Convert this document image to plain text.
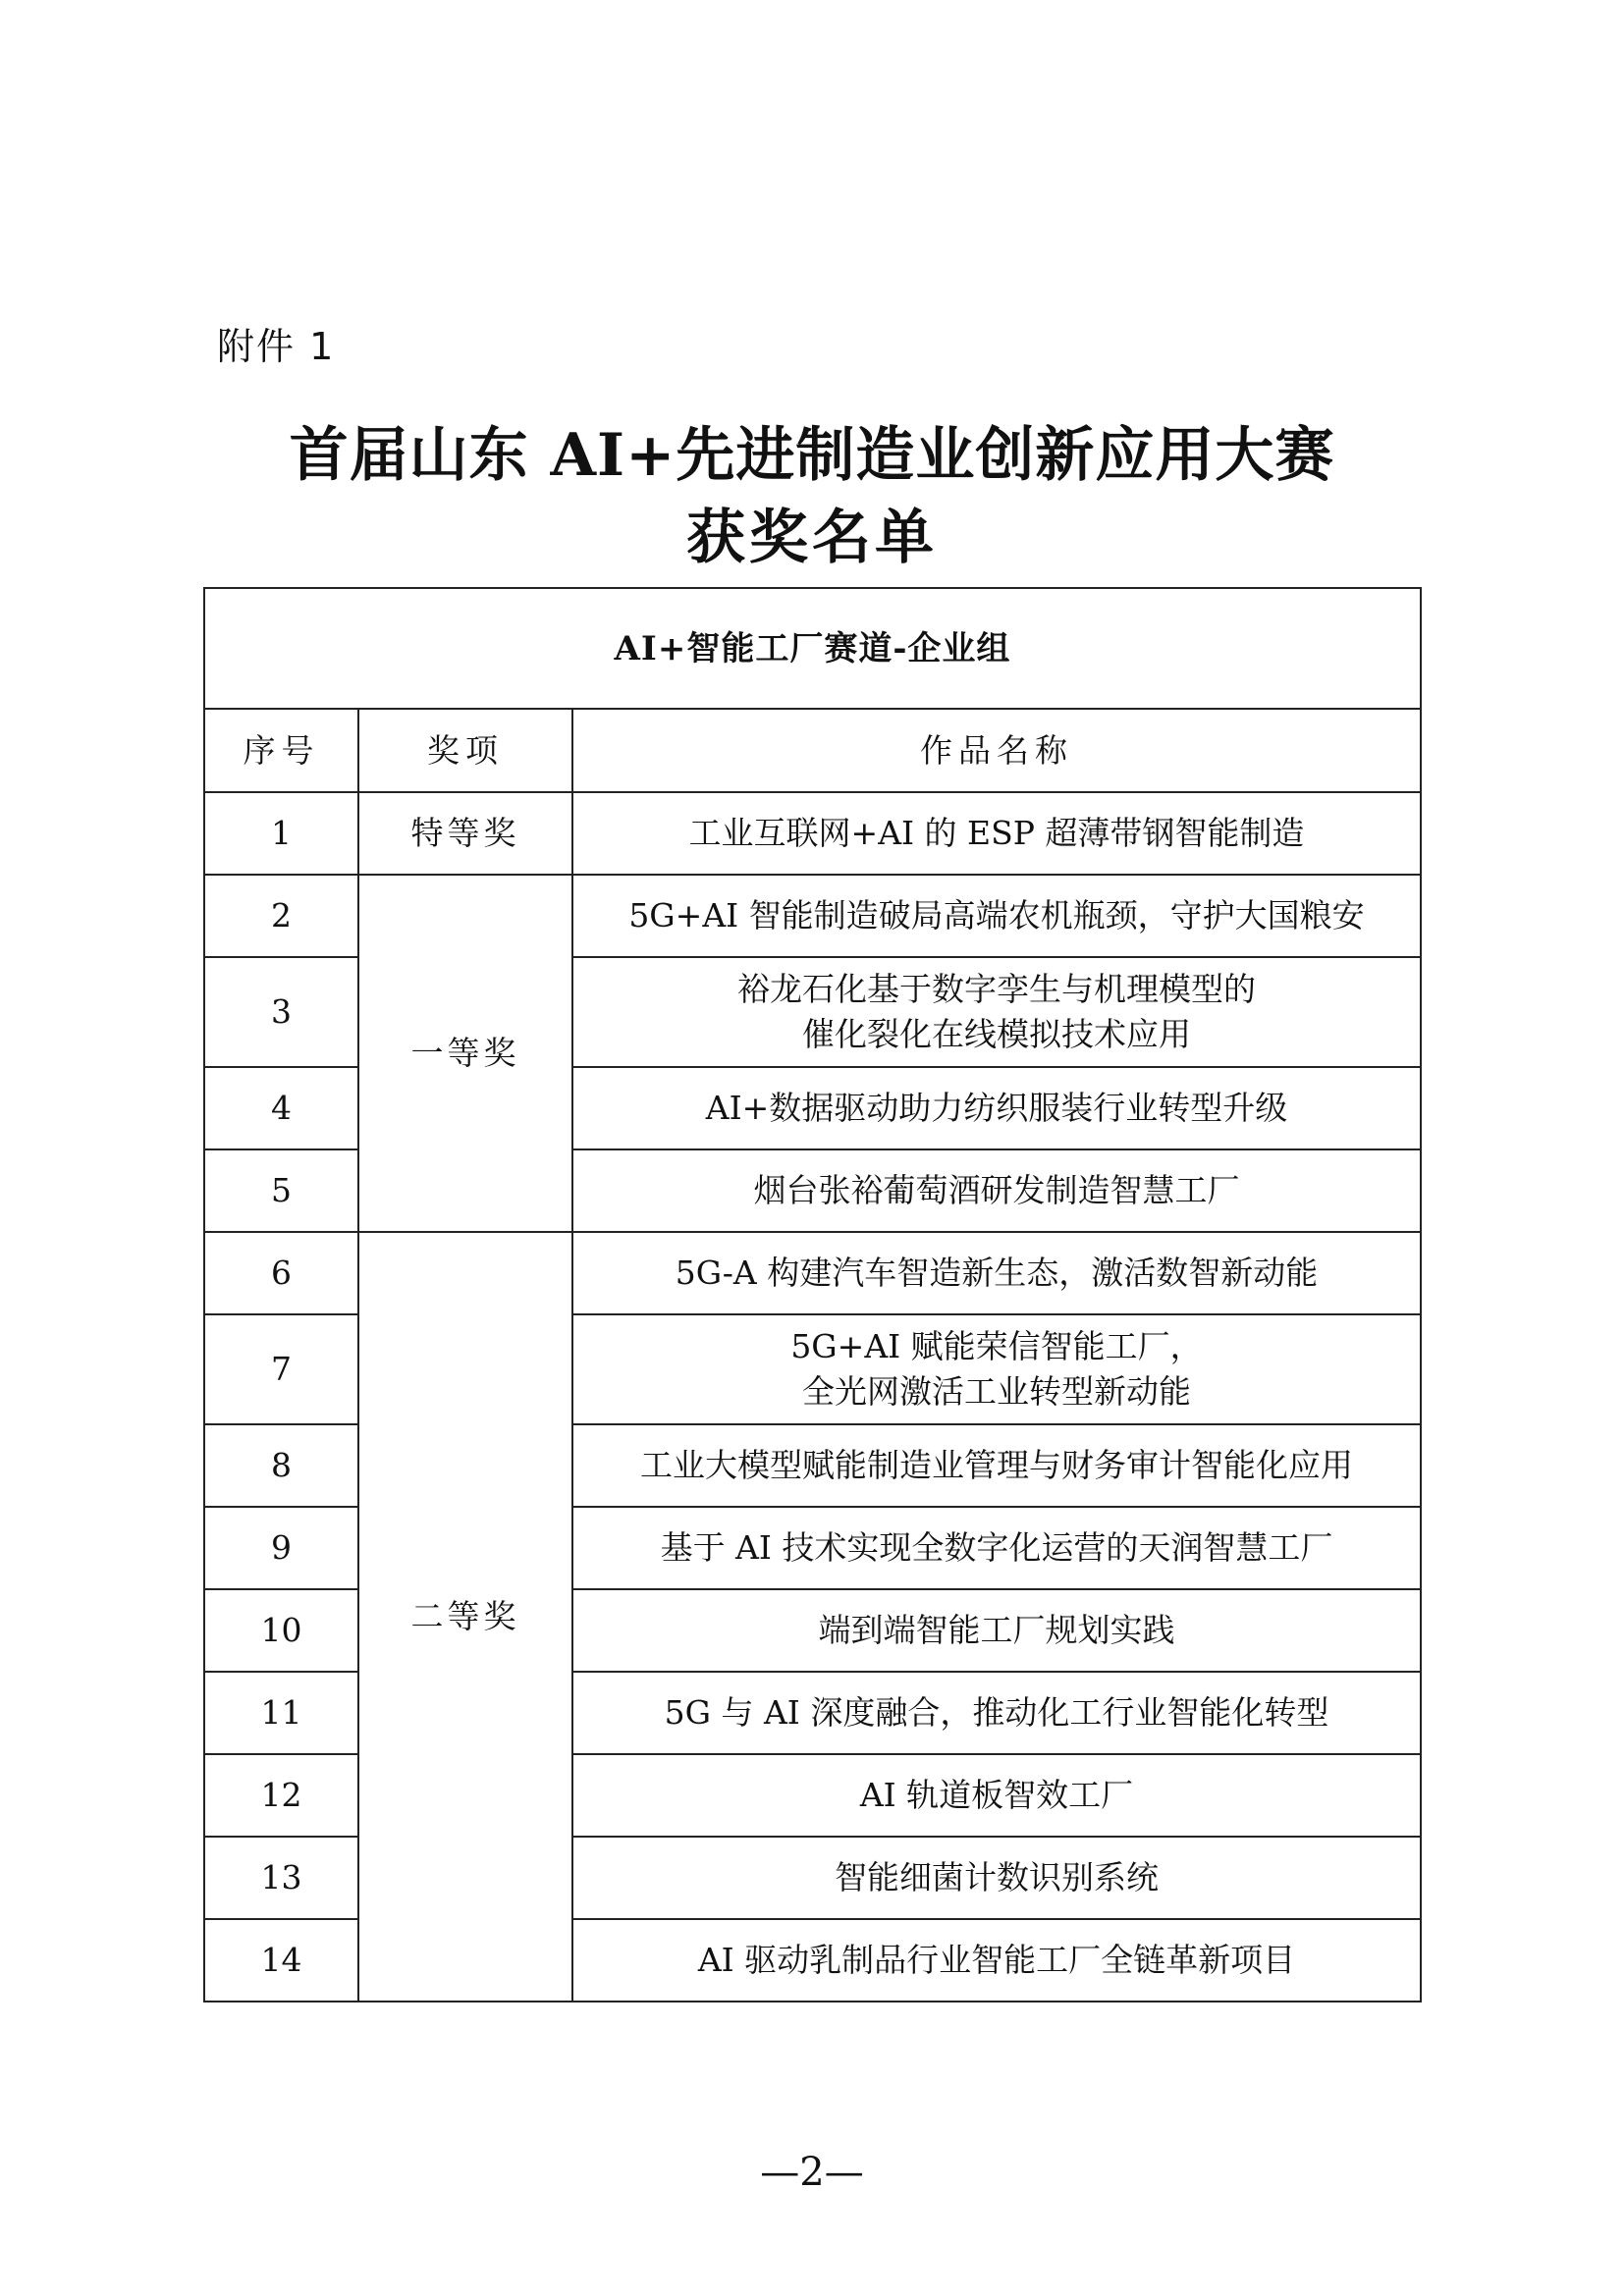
附件 1

首届山东 AI+先进制造业创新应用大赛
获奖名单
AI+智能工厂赛道-企业组		
序号	奖项	作品名称
1	特等奖	工业互联网+AI 的 ESP 超薄带钢智能制造

2	一等奖	5G+AI 智能制造破局高端农机瓶颈，守护大国粮安

3		裕龙石化基于数字孪生与机理模型的
催化裂化在线模拟技术应用

4		AI+数据驱动助力纺织服装行业转型升级

5		烟台张裕葡萄酒研发制造智慧工厂

6	二等奖	5G-A 构建汽车智造新生态，激活数智新动能

7		5G+AI 赋能荣信智能工厂，
全光网激活工业转型新动能

8		工业大模型赋能制造业管理与财务审计智能化应用

9		基于 AI 技术实现全数字化运营的天润智慧工厂

10		端到端智能工厂规划实践

11		5G 与 AI 深度融合，推动化工行业智能化转型

12		AI 轨道板智效工厂

13		智能细菌计数识别系统

14		AI 驱动乳制品行业智能工厂全链革新项目

—2—
